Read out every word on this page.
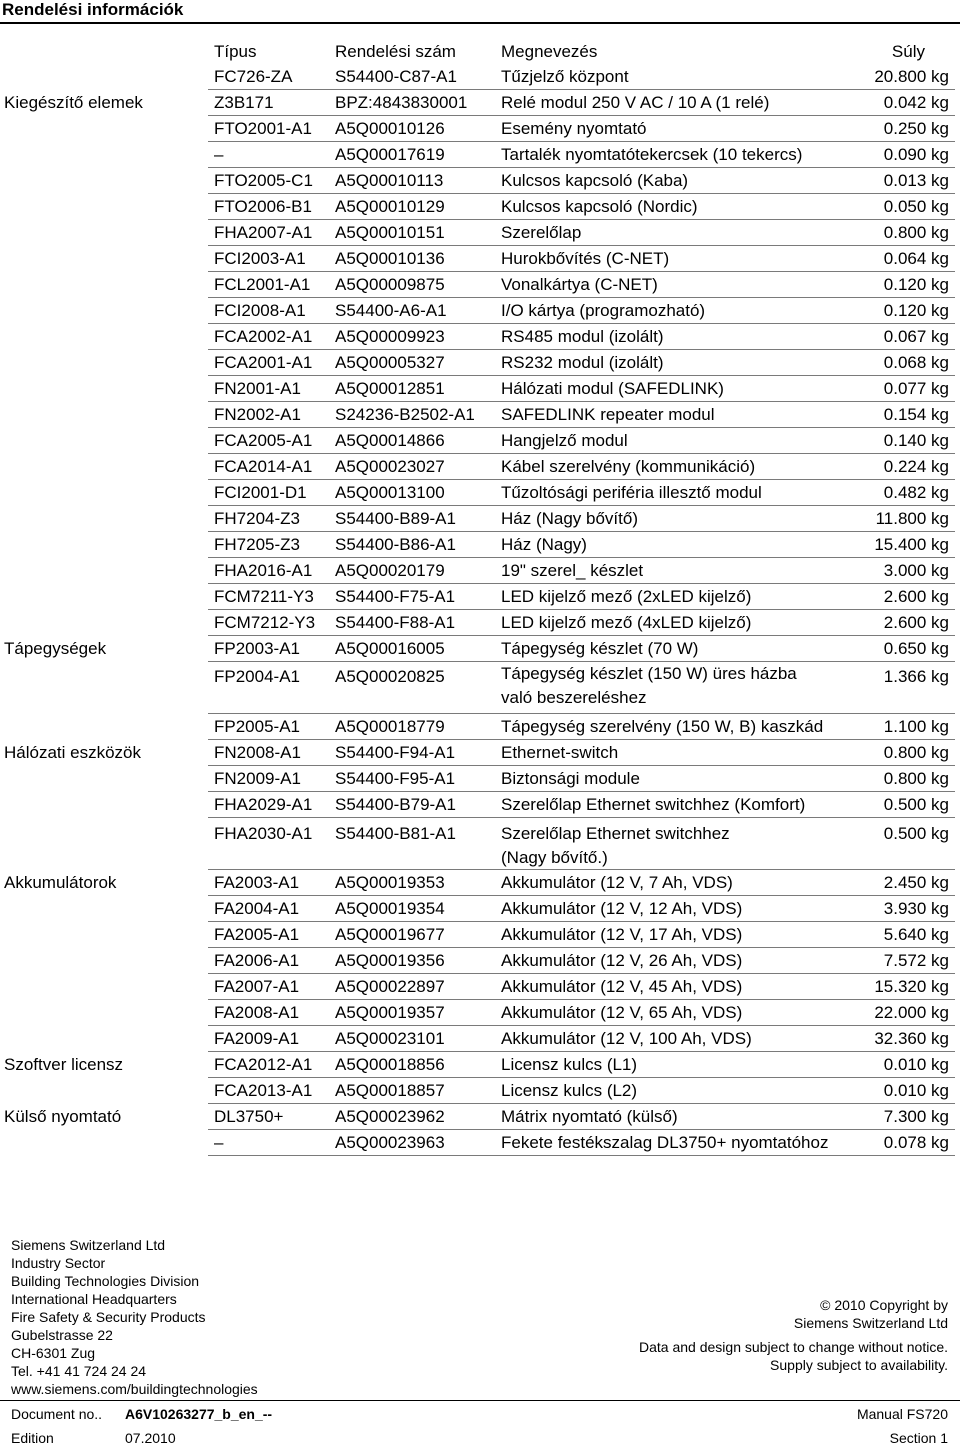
Rendelési információk
Típus	Rendelési szám	Megnevezés	Súly
FC726-ZA	S54400-C87-A1	Tűzjelző központ	20.800 kg
Kiegészítő elemek	Z3B171	BPZ:4843830001 Relé modul 250 V AC / 10 A (1 relé)	0.042 kg
FTO2001-A1 A5Q00010126	Esemény nyomtató	0.250 kg
–	A5Q00017619	Tartalék nyomtatótekercsek (10 tekercs)	0.090 kg
FTO2005-C1 A5Q00010113	Kulcsos kapcsoló (Kaba)	0.013 kg
FTO2006-B1 A5Q00010129	Kulcsos kapcsoló (Nordic)	0.050 kg
FHA2007-A1 A5Q00010151	Szerelőlap	0.800 kg
FCI2003-A1 A5Q00010136	Hurokbővítés (C-NET)	0.064 kg
FCL2001-A1 A5Q00009875	Vonalkártya (C-NET)	0.120 kg
FCI2008-A1 S54400-A6-A1	I/O kártya (programozható)	0.120 kg
FCA2002-A1 A5Q00009923	RS485 modul (izolált)	0.067 kg
FCA2001-A1 A5Q00005327	RS232 modul (izolált)	0.068 kg
FN2001-A1 A5Q00012851	Hálózati modul (SAFEDLINK)	0.077 kg
FN2002-A1 S24236-B2502-A1 SAFEDLINK repeater modul	0.154 kg
FCA2005-A1 A5Q00014866	Hangjelző modul	0.140 kg
FCA2014-A1 A5Q00023027	Kábel szerelvény (kommunikáció)	0.224 kg
FCI2001-D1 A5Q00013100	Tűzoltósági periféria illesztő modul	0.482 kg
FH7204-Z3 S54400-B89-A1	Ház (Nagy bővítő)	11.800 kg
FH7205-Z3 S54400-B86-A1	Ház (Nagy)	15.400 kg
FHA2016-A1 A5Q00020179	19" szerel_ készlet	3.000 kg
FCM7211-Y3 S54400-F75-A1	LED kijelző mező (2xLED kijelző)	2.600 kg
FCM7212-Y3 S54400-F88-A1	LED kijelző mező (4xLED kijelző)	2.600 kg
Tápegységek	FP2003-A1 A5Q00016005	Tápegység készlet (70 W)	0.650 kg
FP2004-A1 A5Q00020825	Tápegység készlet (150 W) üres házba	1.366 kg
való beszereléshez
FP2005-A1 A5Q00018779	Tápegység szerelvény (150 W, B) kaszkád	1.100 kg
Hálózati eszközök	FN2008-A1 S54400-F94-A1	Ethernet-switch	0.800 kg
FN2009-A1 S54400-F95-A1	Biztonsági module	0.800 kg
FHA2029-A1 S54400-B79-A1	Szerelőlap Ethernet switchhez (Komfort)	0.500 kg
FHA2030-A1 S54400-B81-A1	Szerelőlap Ethernet switchhez	0.500 kg
(Nagy bővítő.)
Akkumulátorok	FA2003-A1 A5Q00019353	Akkumulátor (12 V, 7 Ah, VDS)	2.450 kg
FA2004-A1 A5Q00019354	Akkumulátor (12 V, 12 Ah, VDS)	3.930 kg
FA2005-A1 A5Q00019677	Akkumulátor (12 V, 17 Ah, VDS)	5.640 kg
FA2006-A1 A5Q00019356	Akkumulátor (12 V, 26 Ah, VDS)	7.572 kg
FA2007-A1 A5Q00022897	Akkumulátor (12 V, 45 Ah, VDS)	15.320 kg
FA2008-A1 A5Q00019357	Akkumulátor (12 V, 65 Ah, VDS)	22.000 kg
FA2009-A1 A5Q00023101	Akkumulátor (12 V, 100 Ah, VDS)	32.360 kg
Szoftver licensz	FCA2012-A1 A5Q00018856	Licensz kulcs (L1)	0.010 kg
FCA2013-A1 A5Q00018857	Licensz kulcs (L2)	0.010 kg
Külső nyomtató	DL3750+	A5Q00023962	Mátrix nyomtató (külső)	7.300 kg
–	A5Q00023963	Fekete festékszalag DL3750+ nyomtatóhoz	0.078 kg
Siemens Switzerland Ltd
Industry Sector
Building Technologies Division
International Headquarters
Fire Safety & Security Products
Gubelstrasse 22
CH-6301 Zug
Tel. +41 41 724 24 24
www.siemens.com/buildingtechnologies
© 2010 Copyright by
Siemens Switzerland Ltd
Data and design subject to change without notice.
Supply subject to availability.
Document no.. A6V10263277_b_en_--	Manual FS720
Edition	07.2010	Section 1
